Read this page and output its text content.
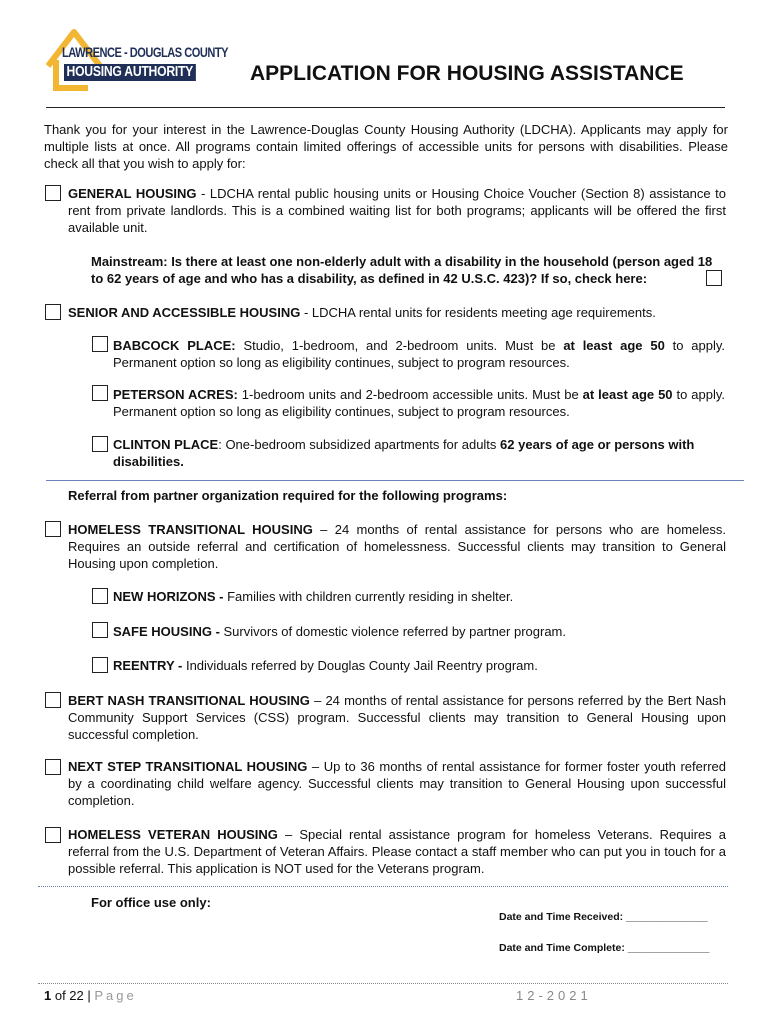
LAWRENCE - DOUGLAS COUNTY
HOUSING AUTHORITY	APPLICATION FOR HOUSING ASSISTANCE
Thank you for your interest in the Lawrence-Douglas County Housing Authority (LDCHA). Applicants may apply for multiple lists at once. All programs contain limited offerings of accessible units for persons with disabilities. Please check all that you wish to apply for:
GENERAL HOUSING - LDCHA rental public housing units or Housing Choice Voucher (Section 8) assistance to rent from private landlords. This is a combined waiting list for both programs; applicants will be offered the first available unit.
Mainstream: Is there at least one non-elderly adult with a disability in the household (person aged 18 to 62 years of age and who has a disability, as defined in 42 U.S.C. 423)? If so, check here:
SENIOR AND ACCESSIBLE HOUSING - LDCHA rental units for residents meeting age requirements.
BABCOCK PLACE: Studio, 1-bedroom, and 2-bedroom units. Must be at least age 50 to apply. Permanent option so long as eligibility continues, subject to program resources.
PETERSON ACRES: 1-bedroom units and 2-bedroom accessible units. Must be at least age 50 to apply. Permanent option so long as eligibility continues, subject to program resources.
CLINTON PLACE: One-bedroom subsidized apartments for adults 62 years of age or persons with disabilities.
Referral from partner organization required for the following programs:
HOMELESS TRANSITIONAL HOUSING – 24 months of rental assistance for persons who are homeless. Requires an outside referral and certification of homelessness. Successful clients may transition to General Housing upon completion.
NEW HORIZONS - Families with children currently residing in shelter.
SAFE HOUSING - Survivors of domestic violence referred by partner program.
REENTRY - Individuals referred by Douglas County Jail Reentry program.
BERT NASH TRANSITIONAL HOUSING – 24 months of rental assistance for persons referred by the Bert Nash Community Support Services (CSS) program. Successful clients may transition to General Housing upon successful completion.
NEXT STEP TRANSITIONAL HOUSING – Up to 36 months of rental assistance for former foster youth referred by a coordinating child welfare agency. Successful clients may transition to General Housing upon successful completion.
HOMELESS VETERAN HOUSING – Special rental assistance program for homeless Veterans. Requires a referral from the U.S. Department of Veteran Affairs. Please contact a staff member who can put you in touch for a possible referral. This application is NOT used for the Veterans program.
For office use only:
Date and Time Received: ______________
Date and Time Complete: ______________
1 of 22 | Page	12-2021
